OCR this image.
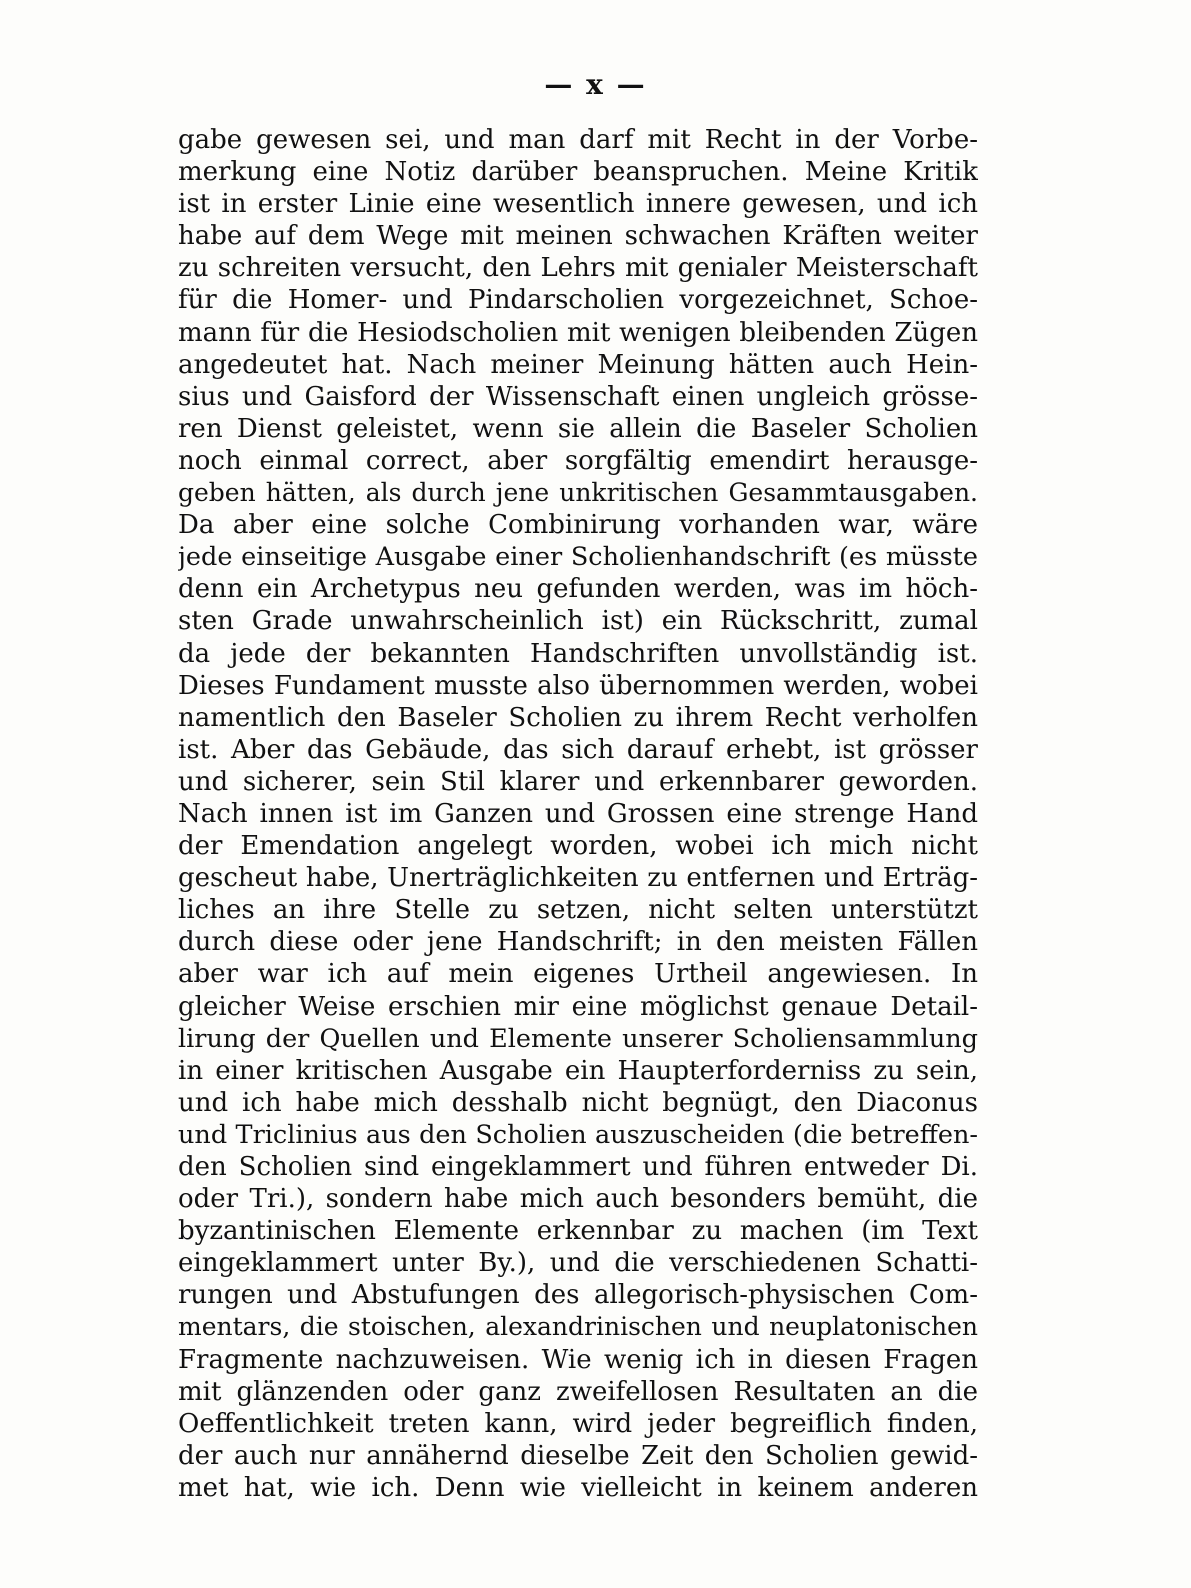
— x —
gabe gewesen sei, und man darf mit Recht in der Vorbe-
merkung eine Notiz darüber beanspruchen. Meine Kritik
ist in erster Linie eine wesentlich innere gewesen, und ich
habe auf dem Wege mit meinen schwachen Kräften weiter
zu schreiten versucht, den Lehrs mit genialer Meisterschaft
für die Homer- und Pindarscholien vorgezeichnet, Schoe-
mann für die Hesiodscholien mit wenigen bleibenden Zügen
angedeutet hat. Nach meiner Meinung hätten auch Hein-
sius und Gaisford der Wissenschaft einen ungleich grösse-
ren Dienst geleistet, wenn sie allein die Baseler Scholien
noch einmal correct, aber sorgfältig emendirt herausge-
geben hätten, als durch jene unkritischen Gesammtausgaben.
Da aber eine solche Combinirung vorhanden war, wäre
jede einseitige Ausgabe einer Scholienhandschrift (es müsste
denn ein Archetypus neu gefunden werden, was im höch-
sten Grade unwahrscheinlich ist) ein Rückschritt, zumal
da jede der bekannten Handschriften unvollständig ist.
Dieses Fundament musste also übernommen werden, wobei
namentlich den Baseler Scholien zu ihrem Recht verholfen
ist. Aber das Gebäude, das sich darauf erhebt, ist grösser
und sicherer, sein Stil klarer und erkennbarer geworden.
Nach innen ist im Ganzen und Grossen eine strenge Hand
der Emendation angelegt worden, wobei ich mich nicht
gescheut habe, Unerträglichkeiten zu entfernen und Erträg-
liches an ihre Stelle zu setzen, nicht selten unterstützt
durch diese oder jene Handschrift; in den meisten Fällen
aber war ich auf mein eigenes Urtheil angewiesen. In
gleicher Weise erschien mir eine möglichst genaue Detail-
lirung der Quellen und Elemente unserer Scholiensammlung
in einer kritischen Ausgabe ein Haupterforderniss zu sein,
und ich habe mich desshalb nicht begnügt, den Diaconus
und Triclinius aus den Scholien auszuscheiden (die betreffen-
den Scholien sind eingeklammert und führen entweder Di.
oder Tri.), sondern habe mich auch besonders bemüht, die
byzantinischen Elemente erkennbar zu machen (im Text
eingeklammert unter By.), und die verschiedenen Schatti-
rungen und Abstufungen des allegorisch-physischen Com-
mentars, die stoischen, alexandrinischen und neuplatonischen
Fragmente nachzuweisen. Wie wenig ich in diesen Fragen
mit glänzenden oder ganz zweifellosen Resultaten an die
Oeffentlichkeit treten kann, wird jeder begreiflich finden,
der auch nur annähernd dieselbe Zeit den Scholien gewid-
met hat, wie ich. Denn wie vielleicht in keinem anderen
